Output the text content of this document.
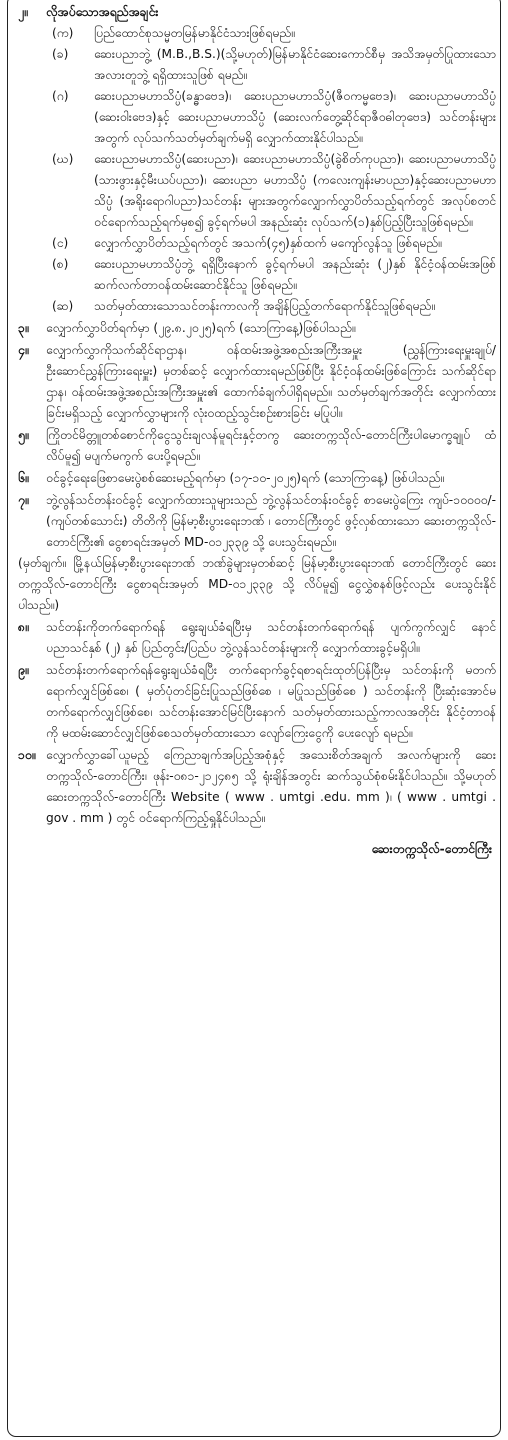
၂။	လိုအပ်သောအရည်အချင်း
(က)	ပြည်ထောင်စုသမ္မတမြန်မာနိုင်ငံသားဖြစ်ရမည်။
(ခ)	ဆေးပညာဘွဲ့ (M.B.,B.S.)(သို့မဟုတ်)မြန်မာနိုင်ငံဆေးကောင်စီမှ အသိအမှတ်ပြုထားသော အလားတူဘွဲ့ ရရှိထားသူဖြစ် ရမည်။
(ဂ)	ဆေးပညာမဟာသိပ္ပံ(ခန္ဓာဗေဒ)၊ ဆေးပညာမဟာသိပ္ပံ(ဇီဝကမ္မဗေဒ)၊ ဆေးပညာမဟာသိပ္ပံ (ဆေးဝါးဗေဒ)နှင့် ဆေးပညာမဟာသိပ္ပံ (ဆေးလက်တွေ့ဆိုင်ရာဇီဝဓါတုဗေဒ) သင်တန်းများအတွက် လုပ်သက်သတ်မှတ်ချက်မရှိ လျှောက်ထားနိုင်ပါသည်။
(ဃ)	ဆေးပညာမဟာသိပ္ပံ(ဆေးပညာ)၊ ဆေးပညာမဟာသိပ္ပံ(ခွဲစိတ်ကုပညာ)၊ ဆေးပညာမဟာသိပ္ပံ (သားဖွားနှင့်မီးယပ်ပညာ)၊ ဆေးပညာ မဟာသိပ္ပံ (ကလေးကျန်းမာပညာ)နှင့်ဆေးပညာမဟာသိပ္ပံ (အရိုးရောဂါပညာ)သင်တန်း များအတွက်လျှောက်လွှာပိတ်သည့်ရက်တွင် အလုပ်စတင်ဝင်ရောက်သည့်ရက်မှစ၍ ခွင့်ရက်မပါ အနည်းဆုံး လုပ်သက်(၁)နှစ်ပြည့်ပြီးသူဖြစ်ရမည်။
(င)	လျှောက်လွှာပိတ်သည့်ရက်တွင် အသက်(၄၅)နှစ်ထက် မကျော်လွန်သူ ဖြစ်ရမည်။
(စ)	ဆေးပညာမဟာသိပ္ပံဘွဲ့ ရရှိပြီးနောက် ခွင့်ရက်မပါ အနည်းဆုံး (၂)နှစ် နိုင်ငံ့ဝန်ထမ်းအဖြစ်ဆက်လက်တာဝန်ထမ်းဆောင်နိုင်သူ ဖြစ်ရမည်။
(ဆ)	သတ်မှတ်ထားသောသင်တန်းကာလကို အချိန်ပြည့်တက်ရောက်နိုင်သူဖြစ်ရမည်။
၃။	လျှောက်လွှာပိတ်ရက်မှာ (၂၉.၈.၂၀၂၅)ရက် (သောကြာနေ့)ဖြစ်ပါသည်။
၄။	လျှောက်လွှာကိုသက်ဆိုင်ရာဌာန၊ ဝန်ထမ်းအဖွဲ့အစည်းအကြီးအမှူး (ညွှန်ကြားရေးမှူးချုပ်/ဦးဆောင်ညွှန်ကြားရေးမှူး) မှတစ်ဆင့် လျှောက်ထားရမည်ဖြစ်ပြီး နိုင်ငံ့ဝန်ထမ်းဖြစ်ကြောင်း သက်ဆိုင်ရာဌာန၊ ဝန်ထမ်းအဖွဲ့အစည်းအကြီးအမှူး၏ ထောက်ခံချက်ပါရှိရမည်။ သတ်မှတ်ချက်အတိုင်း လျှောက်ထားခြင်းမရှိသည့် လျှောက်လွှာများကို လုံးဝထည့်သွင်းစဉ်းစားခြင်း မပြုပါ။
၅။	ကြိုတင်မိတ္တူတစ်စောင်ကိုငွေသွင်းချလန်မူရင်းနှင့်တကွ ဆေးတက္ကသိုလ်-တောင်ကြီးပါမောက္ခချုပ် ထံလိပ်မူ၍ မပျက်မကွက် ပေးပို့ရမည်။
၆။	ဝင်ခွင့်ရေးဖြေစာမေးပွဲစစ်ဆေးမည့်ရက်မှာ (၁၇-၁၀-၂၀၂၅)ရက် (သောကြာနေ့) ဖြစ်ပါသည်။
၇။	ဘွဲ့လွန်သင်တန်းဝင်ခွင့် လျှောက်ထားသူများသည် ဘွဲ့လွန်သင်တန်းဝင်ခွင့် စာမေးပွဲကြေး ကျပ်-၁၀၀၀၀/- (ကျပ်တစ်သောင်း) တိတိကို မြန်မာ့စီးပွားရေးဘဏ် ၊ တောင်ကြီးတွင် ဖွင့်လှစ်ထားသော ဆေးတက္ကသိုလ်-တောင်ကြီး၏ ငွေစာရင်းအမှတ် MD-၀၁၂၃၃၉ သို့ ပေးသွင်းရမည်။
(မှတ်ချက်။ မြို့နယ်မြန်မာ့စီးပွားရေးဘဏ် ဘဏ်ခွဲများမှတစ်ဆင့် မြန်မာ့စီးပွားရေးဘဏ် တောင်ကြီးတွင် ဆေးတက္ကသိုလ်-တောင်ကြီး ငွေစာရင်းအမှတ် MD-၀၁၂၃၃၉ သို့ လိပ်မူ၍ ငွေလွှဲစနစ်ဖြင့်လည်း ပေးသွင်းနိုင်ပါသည်။)
၈။	သင်တန်းကိုတက်ရောက်ရန် ရွေးချယ်ခံရပြီးမှ သင်တန်းတက်ရောက်ရန် ပျက်ကွက်လျှင် နောင်ပညာသင်နှစ် (၂) နှစ် ပြည်တွင်း/ပြည်ပ ဘွဲ့လွန်သင်တန်းများကို လျှောက်ထားခွင့်မရှိပါ။
၉။	သင်တန်းတက်ရောက်ရန်ရွေးချယ်ခံရပြီး တက်ရောက်ခွင့်ရစာရင်းထုတ်ပြန်ပြီးမှ သင်တန်းကို မတက်ရောက်လျှင်ဖြစ်စေ၊ ( မှတ်ပုံတင်ခြင်းပြုသည်ဖြစ်စေ ၊ မပြုသည်ဖြစ်စေ ) သင်တန်းကို ပြီးဆုံးအောင်မတက်ရောက်လျှင်ဖြစ်စေ၊ သင်တန်းအောင်မြင်ပြီးနောက် သတ်မှတ်ထားသည့်ကာလအတိုင်း နိုင်ငံ့တာဝန်ကို မထမ်းဆောင်လျှင်ဖြစ်စေသတ်မှတ်ထားသော လျော်ကြေးငွေကို ပေးလျော် ရမည်။
၁၀။ လျှောက်လွှာခေါ်ယူမည့် ကြေညာချက်အပြည့်အစုံနှင့် အသေးစိတ်အချက် အလက်များကို ဆေးတက္ကသိုလ်-တောင်ကြီး၊ ဖုန်း-၀၈၁-၂၁၂၄၈၅ သို့ ရုံးချိန်အတွင်း ဆက်သွယ်စုံစမ်းနိုင်ပါသည်။ သို့မဟုတ် ဆေးတက္ကသိုလ်-တောင်ကြီး Website ( www . umtgi .edu. mm )၊ ( www . umtgi . gov . mm ) တွင် ဝင်ရောက်ကြည့်ရှုနိုင်ပါသည်။
ဆေးတက္ကသိုလ်-တောင်ကြီး
